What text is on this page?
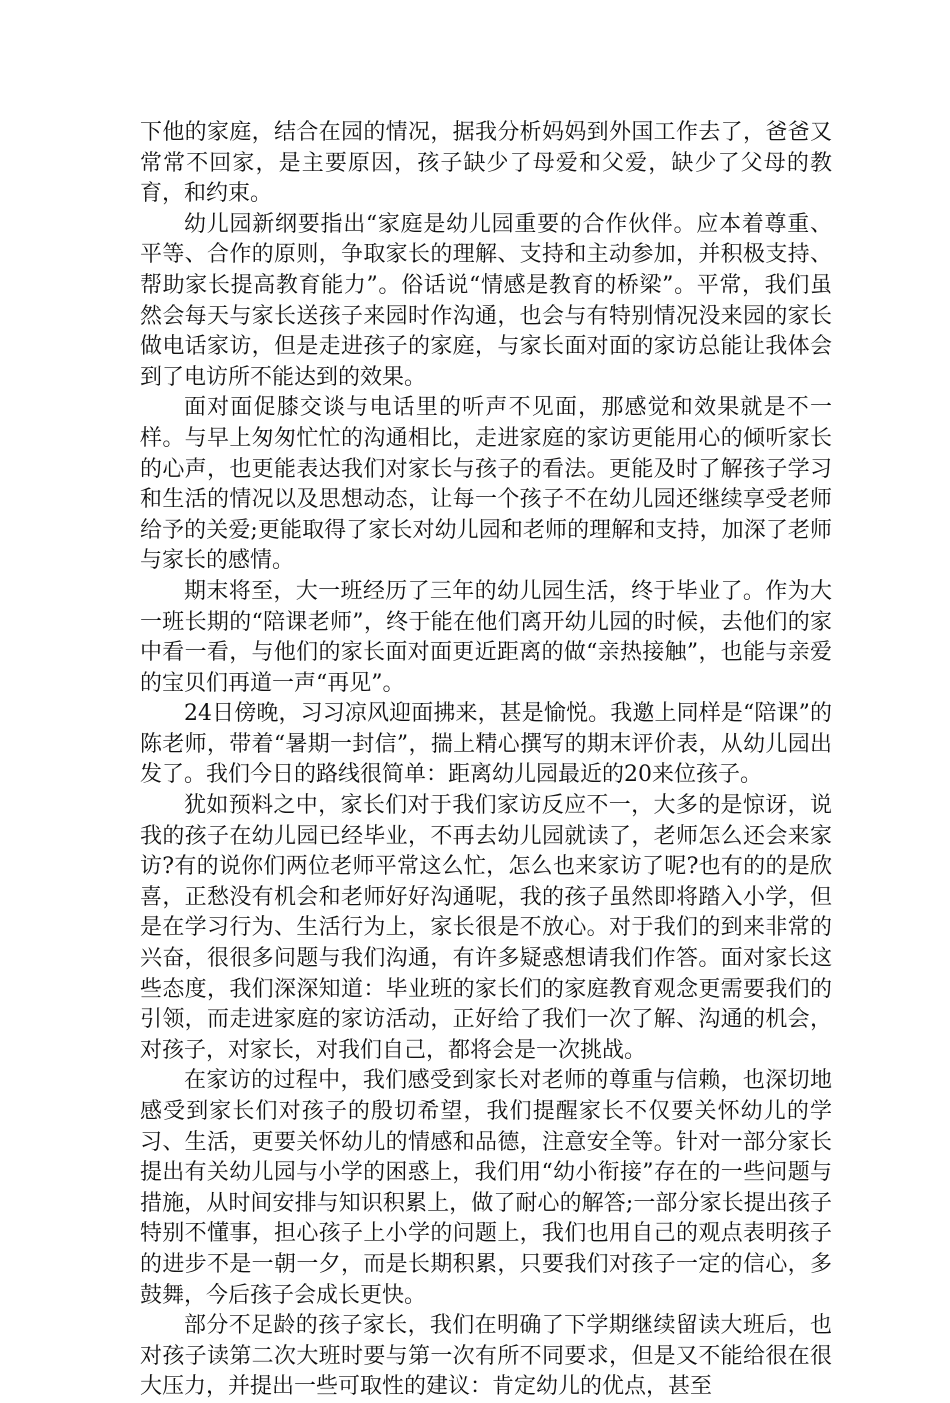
下他的家庭，结合在园的情况，据我分析妈妈到外国工作去了，爸爸又常常不回家，是主要原因，孩子缺少了母爱和父爱，缺少了父母的教育，和约束。

幼儿园新纲要指出“家庭是幼儿园重要的合作伙伴。应本着尊重、平等、合作的原则，争取家长的理解、支持和主动参加，并积极支持、帮助家长提高教育能力”。俗话说“情感是教育的桥梁”。平常，我们虽然会每天与家长送孩子来园时作沟通，也会与有特别情况没来园的家长做电话家访，但是走进孩子的家庭，与家长面对面的家访总能让我体会到了电访所不能达到的效果。

面对面促膝交谈与电话里的听声不见面，那感觉和效果就是不一样。与早上匆匆忙忙的沟通相比，走进家庭的家访更能用心的倾听家长的心声，也更能表达我们对家长与孩子的看法。更能及时了解孩子学习和生活的情况以及思想动态，让每一个孩子不在幼儿园还继续享受老师给予的关爱;更能取得了家长对幼儿园和老师的理解和支持，加深了老师与家长的感情。

期末将至，大一班经历了三年的幼儿园生活，终于毕业了。作为大一班长期的“陪课老师”，终于能在他们离开幼儿园的时候，去他们的家中看一看，与他们的家长面对面更近距离的做“亲热接触”，也能与亲爱的宝贝们再道一声“再见”。

24日傍晚，习习凉风迎面拂来，甚是愉悦。我邀上同样是“陪课”的陈老师，带着“暑期一封信”，揣上精心撰写的期末评价表，从幼儿园出发了。我们今日的路线很简单：距离幼儿园最近的20来位孩子。

犹如预料之中，家长们对于我们家访反应不一，大多的是惊讶，说我的孩子在幼儿园已经毕业，不再去幼儿园就读了，老师怎么还会来家访?有的说你们两位老师平常这么忙，怎么也来家访了呢?也有的的是欣喜，正愁没有机会和老师好好沟通呢，我的孩子虽然即将踏入小学，但是在学习行为、生活行为上，家长很是不放心。对于我们的到来非常的兴奋，很很多问题与我们沟通，有许多疑惑想请我们作答。面对家长这些态度，我们深深知道：毕业班的家长们的家庭教育观念更需要我们的引领，而走进家庭的家访活动，正好给了我们一次了解、沟通的机会，对孩子，对家长，对我们自己，都将会是一次挑战。

在家访的过程中，我们感受到家长对老师的尊重与信赖，也深切地感受到家长们对孩子的殷切希望，我们提醒家长不仅要关怀幼儿的学习、生活，更要关怀幼儿的情感和品德，注意安全等。针对一部分家长提出有关幼儿园与小学的困惑上，我们用“幼小衔接”存在的一些问题与措施，从时间安排与知识积累上，做了耐心的解答;一部分家长提出孩子特别不懂事，担心孩子上小学的问题上，我们也用自己的观点表明孩子的进步不是一朝一夕，而是长期积累，只要我们对孩子一定的信心，多鼓舞，今后孩子会成长更快。

部分不足龄的孩子家长，我们在明确了下学期继续留读大班后，也对孩子读第二次大班时要与第一次有所不同要求，但是又不能给很在很大压力，并提出一些可取性的建议：肯定幼儿的优点，甚至
